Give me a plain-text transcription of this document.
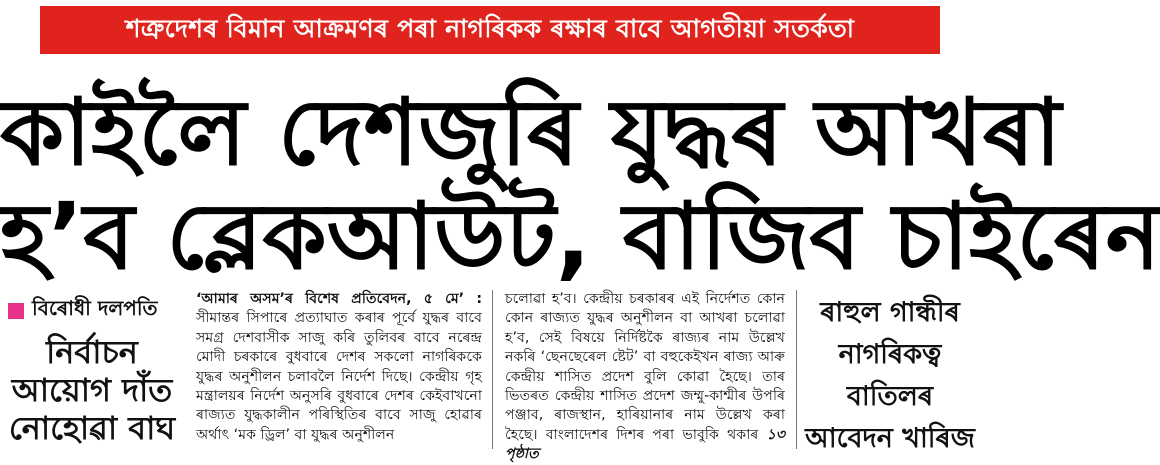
শত্ৰুদেশৰ বিমান আক্ৰমণৰ পৰা নাগৰিকক ৰক্ষাৰ বাবে আগতীয়া সতৰ্কতা
কাইলৈ দেশজুৰি যুদ্ধৰ আখৰা
হ’ব ব্লেকআউট, বাজিব চাইৰেন
বিৰোধী দলপতি
নিৰ্বাচন
আয়োগ দাঁত
নোহোৱা বাঘ

‘আমাৰ অসম’ৰ বিশেষ প্ৰতিবেদন, ৫ মে’ : সীমান্তৰ সিপাৰে প্ৰত্যাঘাত কৰাৰ পূৰ্বে যুদ্ধৰ বাবে সমগ্ৰ দেশবাসীক সাজু কৰি তুলিবৰ বাবে নৰেন্দ্ৰ মোদী চৰকাৰে বুধবাৰে দেশৰ সকলো নাগৰিককে যুদ্ধৰ অনুশীলন চলাবলৈ নিৰ্দেশ দিছে। কেন্দ্ৰীয় গৃহ মন্ত্ৰালয়ৰ নিৰ্দেশ অনুসৰি বুধবাৰে দেশৰ কেইবাখনো ৰাজ্যত যুদ্ধকালীন পৰিস্থিতিৰ বাবে সাজু হোৱাৰ অৰ্থাৎ ‘মক ড্ৰিল’ বা যুদ্ধৰ অনুশীলন

চলোৱা হ’ব। কেন্দ্ৰীয় চৰকাৰৰ এই নিৰ্দেশত কোন কোন ৰাজ্যত যুদ্ধৰ অনুশীলন বা আখৰা চলোৱা হ’ব, সেই বিষয়ে নিৰ্দিষ্টকৈ ৰাজ্যৰ নাম উল্লেখ নকৰি ‘ছেনছেৰেল ষ্টেট’ বা বহুকেইখন ৰাজ্য আৰু কেন্দ্ৰীয় শাসিত প্ৰদেশ বুলি কোৱা হৈছে। তাৰ ভিতৰত কেন্দ্ৰীয় শাসিত প্ৰদেশ জম্মু-কাশ্মীৰ উপৰি পঞ্জাব, ৰাজস্থান, হাৰিয়ানাৰ নাম উল্লেখ কৰা হৈছে। বাংলাদেশৰ দিশৰ পৰা ভাবুকি থকাৰ ১৩ পৃষ্ঠাত

ৰাহুল গান্ধীৰ
নাগৰিকত্ব
বাতিলৰ
আবেদন খাৰিজ
